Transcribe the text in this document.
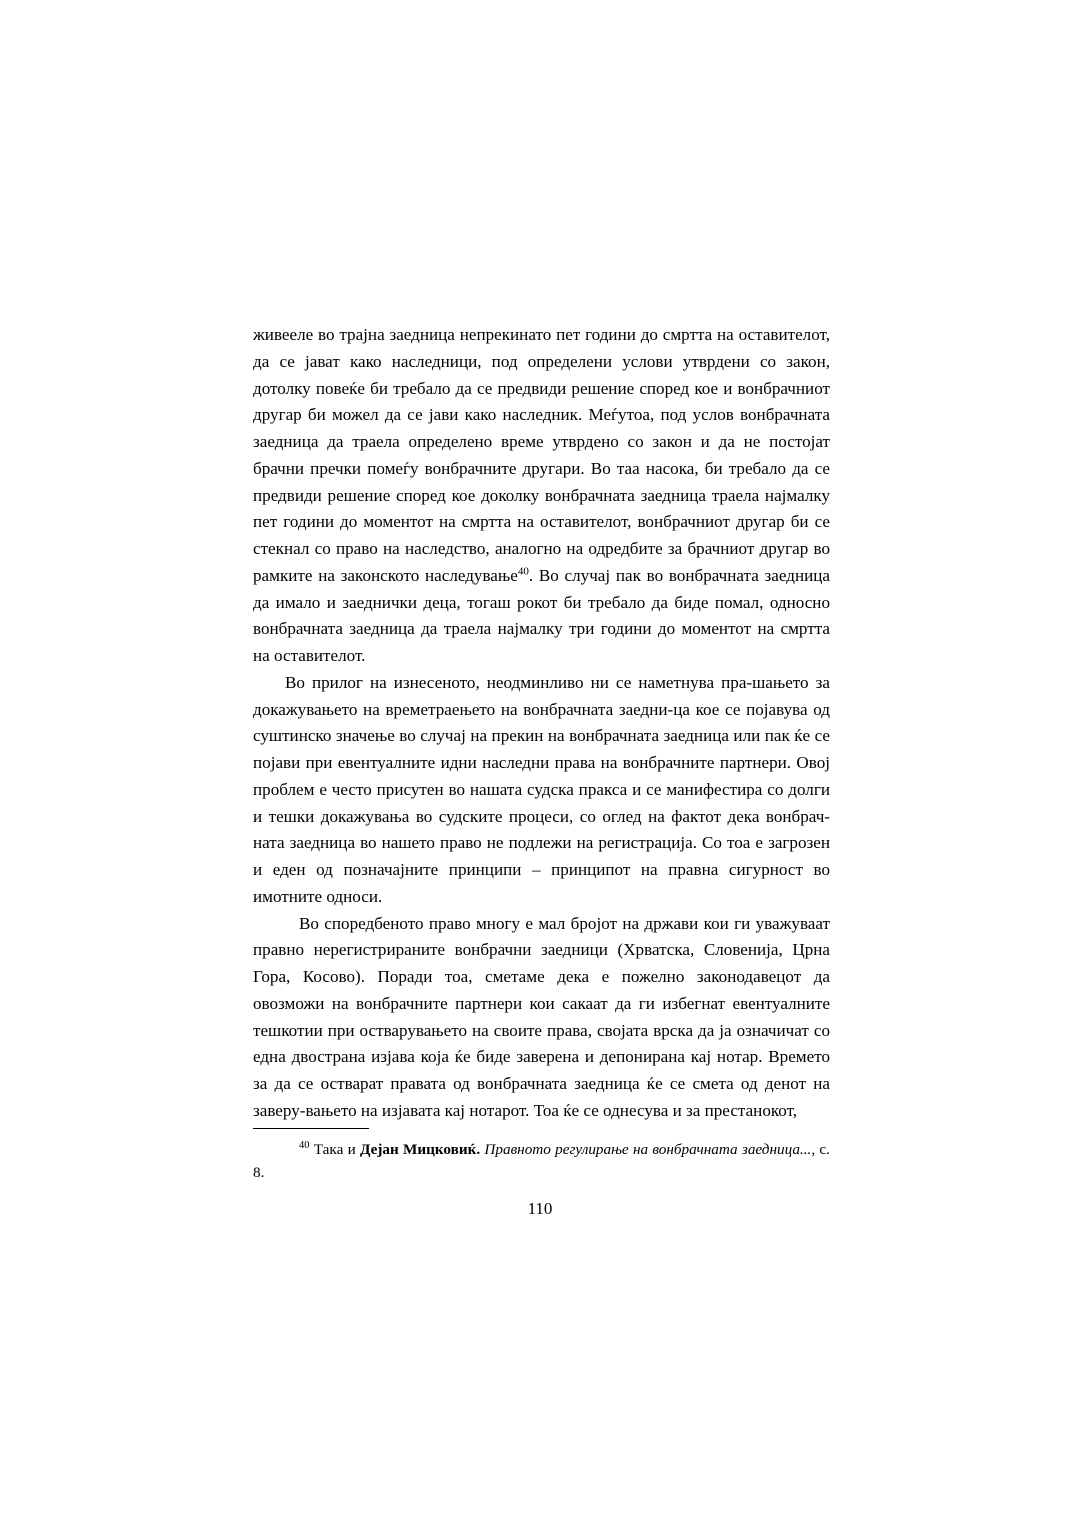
живееле во трајна заедница непрекинато пет години до смртта на оставителот, да се јават како наследници, под определени услови утврдени со закон, дотолку повеќе би требало да се предвиди решение според кое и вонбрачниот другар би можел да се јави како наследник. Меѓутоа, под услов вонбрачната заедница да траела определено време утврдено со закон и да не постојат брачни пречки помеѓу вонбрачните другари. Во таа насока, би требало да се предвиди решение според кое доколку вонбрачната заедница траела најмалку пет години до моментот на смртта на оставителот, вонбрачниот другар би се стекнал со право на наследство, аналогно на одредбите за брачниот другар во рамките на законското наследување$^{40}$. Во случај пак во вонбрачната заедница да имало и заеднички деца, тогаш рокот би требало да биде помал, односно вонбрачната заедница да траела најмалку три години до моментот на смртта на оставителот.

Во прилог на изнесеното, неодминливо ни се наметнува пра-шањето за докажувањето на времетраењето на вонбрачната заедни-ца кое се појавува од суштинско значење во случај на прекин на вонбрачната заедница или пак ќе се појави при евентуалните идни наследни права на вонбрачните партнери. Овој проблем е често присутен во нашата судска пракса и се манифестира со долги и тешки докажувања во судските процеси, со оглед на фактот дека вонбрач-ната заедница во нашето право не подлежи на регистрација. Со тоа е загрозен и еден од позначајните принципи – принципот на правна сигурност во имотните односи.

Во споредбеното право многу е мал бројот на држави кои ги уважуваат правно нерегистрираните вонбрачни заедници (Хрватска, Словенија, Црна Гора, Косово). Поради тоа, сметаме дека е пожелно законодавецот да овозможи на вонбрачните партнери кои сакаат да ги избегнат евентуалните тешкотии при остварувањето на своите права, својата врска да ја означичат со една двострана изјава која ќе биде заверена и депонирана кај нотар. Времето за да се остварат правата од вонбрачната заедница ќе се смета од денот на заверу-вањето на изјавата кај нотарот. Тоа ќе се однесува и за престанокот,

$^{40}$ Така и Дејан Мицковиќ. Правното регулирање на вонбрачната заедница..., с. 8.

110
